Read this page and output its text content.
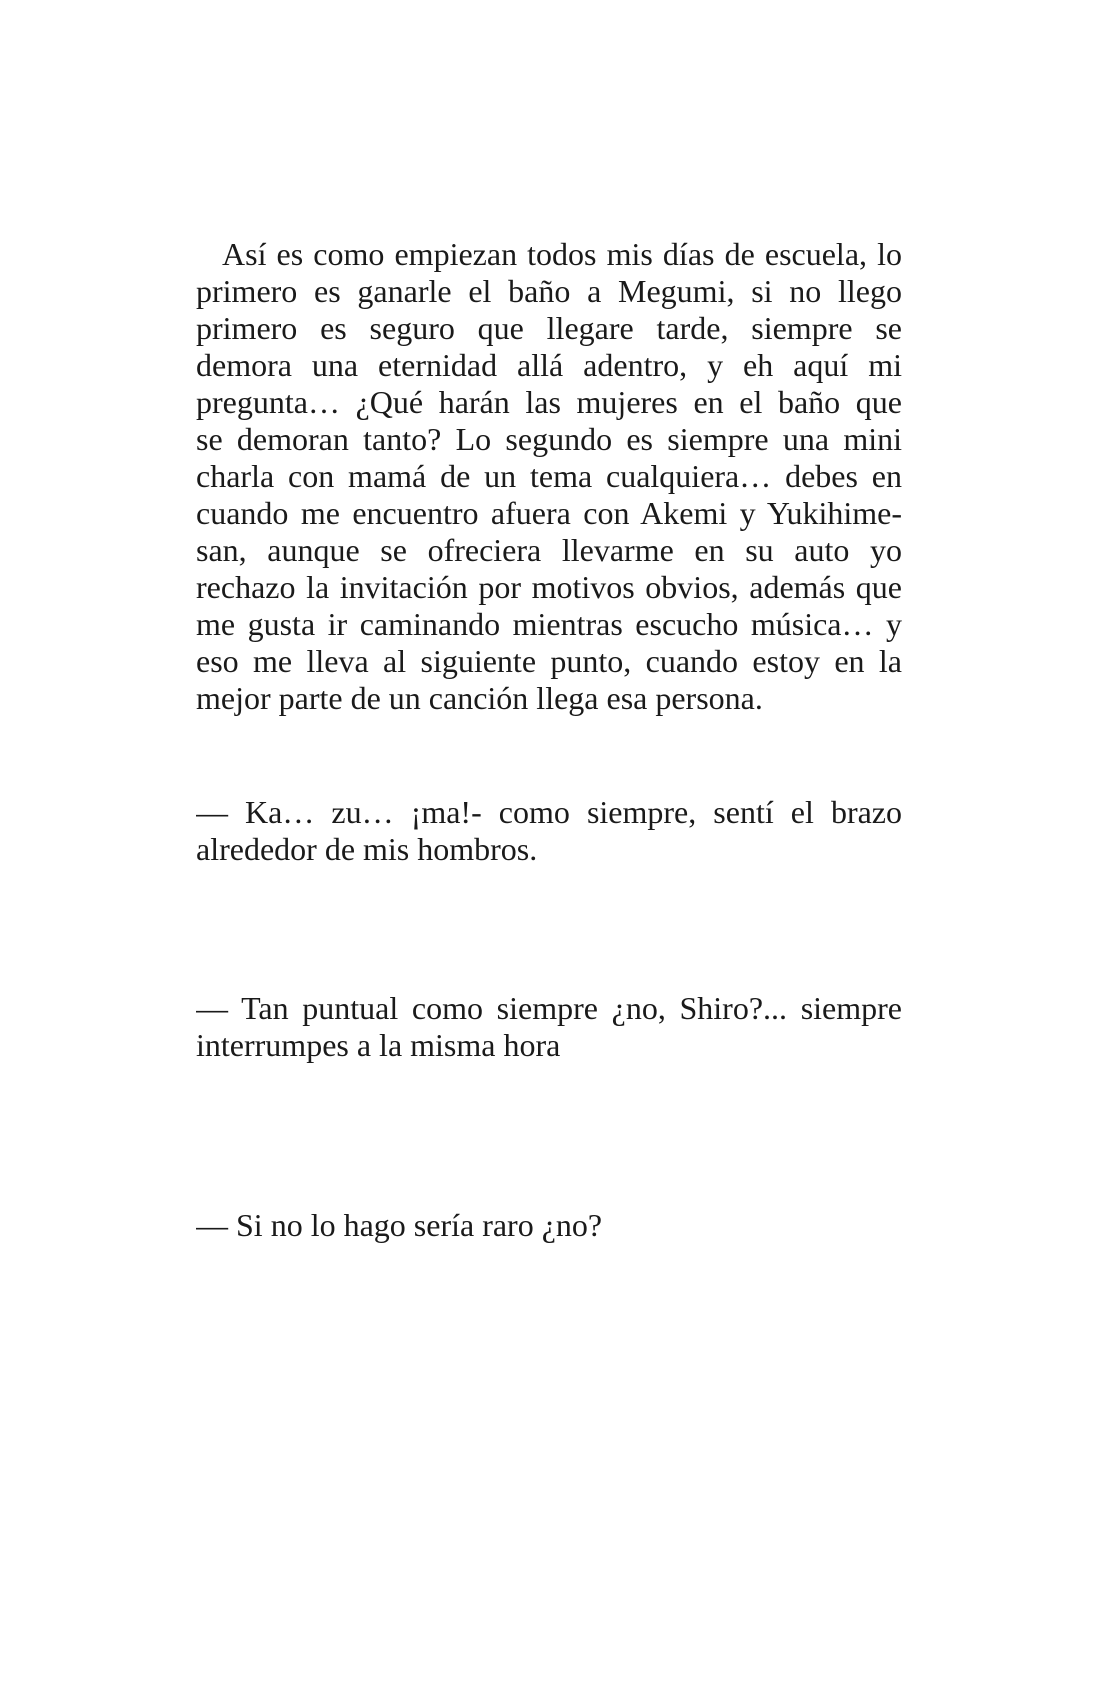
Así es como empiezan todos mis días de escuela, lo
primero es ganarle el baño a Megumi, si no llego
primero es seguro que llegare tarde, siempre se
demora una eternidad allá adentro, y eh aquí mi
pregunta… ¿Qué harán las mujeres en el baño que
se demoran tanto? Lo segundo es siempre una mini
charla con mamá de un tema cualquiera… debes en
cuando me encuentro afuera con Akemi y Yukihime-
san, aunque se ofreciera llevarme en su auto yo
rechazo la invitación por motivos obvios, además que
me gusta ir caminando mientras escucho música… y
eso me lleva al siguiente punto, cuando estoy en la
mejor parte de un canción llega esa persona.

— Ka… zu… ¡ma!- como siempre, sentí el brazo
alrededor de mis hombros.

— Tan puntual como siempre ¿no, Shiro?... siempre
interrumpes a la misma hora

— Si no lo hago sería raro ¿no?
